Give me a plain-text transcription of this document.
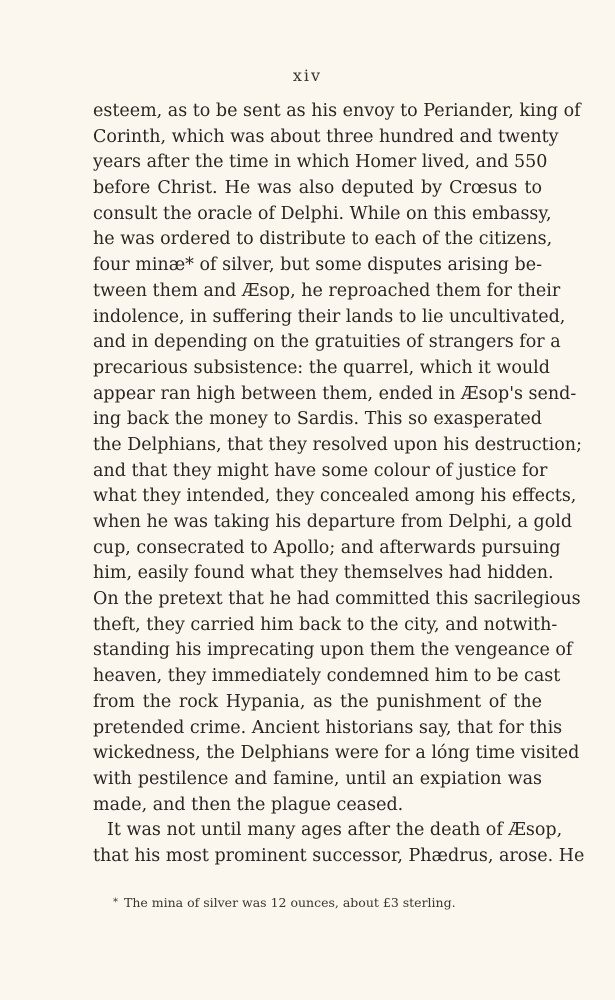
xiv
esteem, as to be sent as his envoy to Periander, king of
Corinth, which was about three hundred and twenty
years after the time in which Homer lived, and 550
before Christ. He was also deputed by Crœsus to
consult the oracle of Delphi. While on this embassy,
he was ordered to distribute to each of the citizens,
four minæ* of silver, but some disputes arising be-
tween them and Æsop, he reproached them for their
indolence, in suffering their lands to lie uncultivated,
and in depending on the gratuities of strangers for a
precarious subsistence: the quarrel, which it would
appear ran high between them, ended in Æsop's send-
ing back the money to Sardis. This so exasperated
the Delphians, that they resolved upon his destruction;
and that they might have some colour of justice for
what they intended, they concealed among his effects,
when he was taking his departure from Delphi, a gold
cup, consecrated to Apollo; and afterwards pursuing
him, easily found what they themselves had hidden.
On the pretext that he had committed this sacrilegious
theft, they carried him back to the city, and notwith-
standing his imprecating upon them the vengeance of
heaven, they immediately condemned him to be cast
from the rock Hypania, as the punishment of the
pretended crime. Ancient historians say, that for this
wickedness, the Delphians were for a lóng time visited
with pestilence and famine, until an expiation was
made, and then the plague ceased.
It was not until many ages after the death of Æsop,
that his most prominent successor, Phædrus, arose. He
* The mina of silver was 12 ounces, about £3 sterling.
